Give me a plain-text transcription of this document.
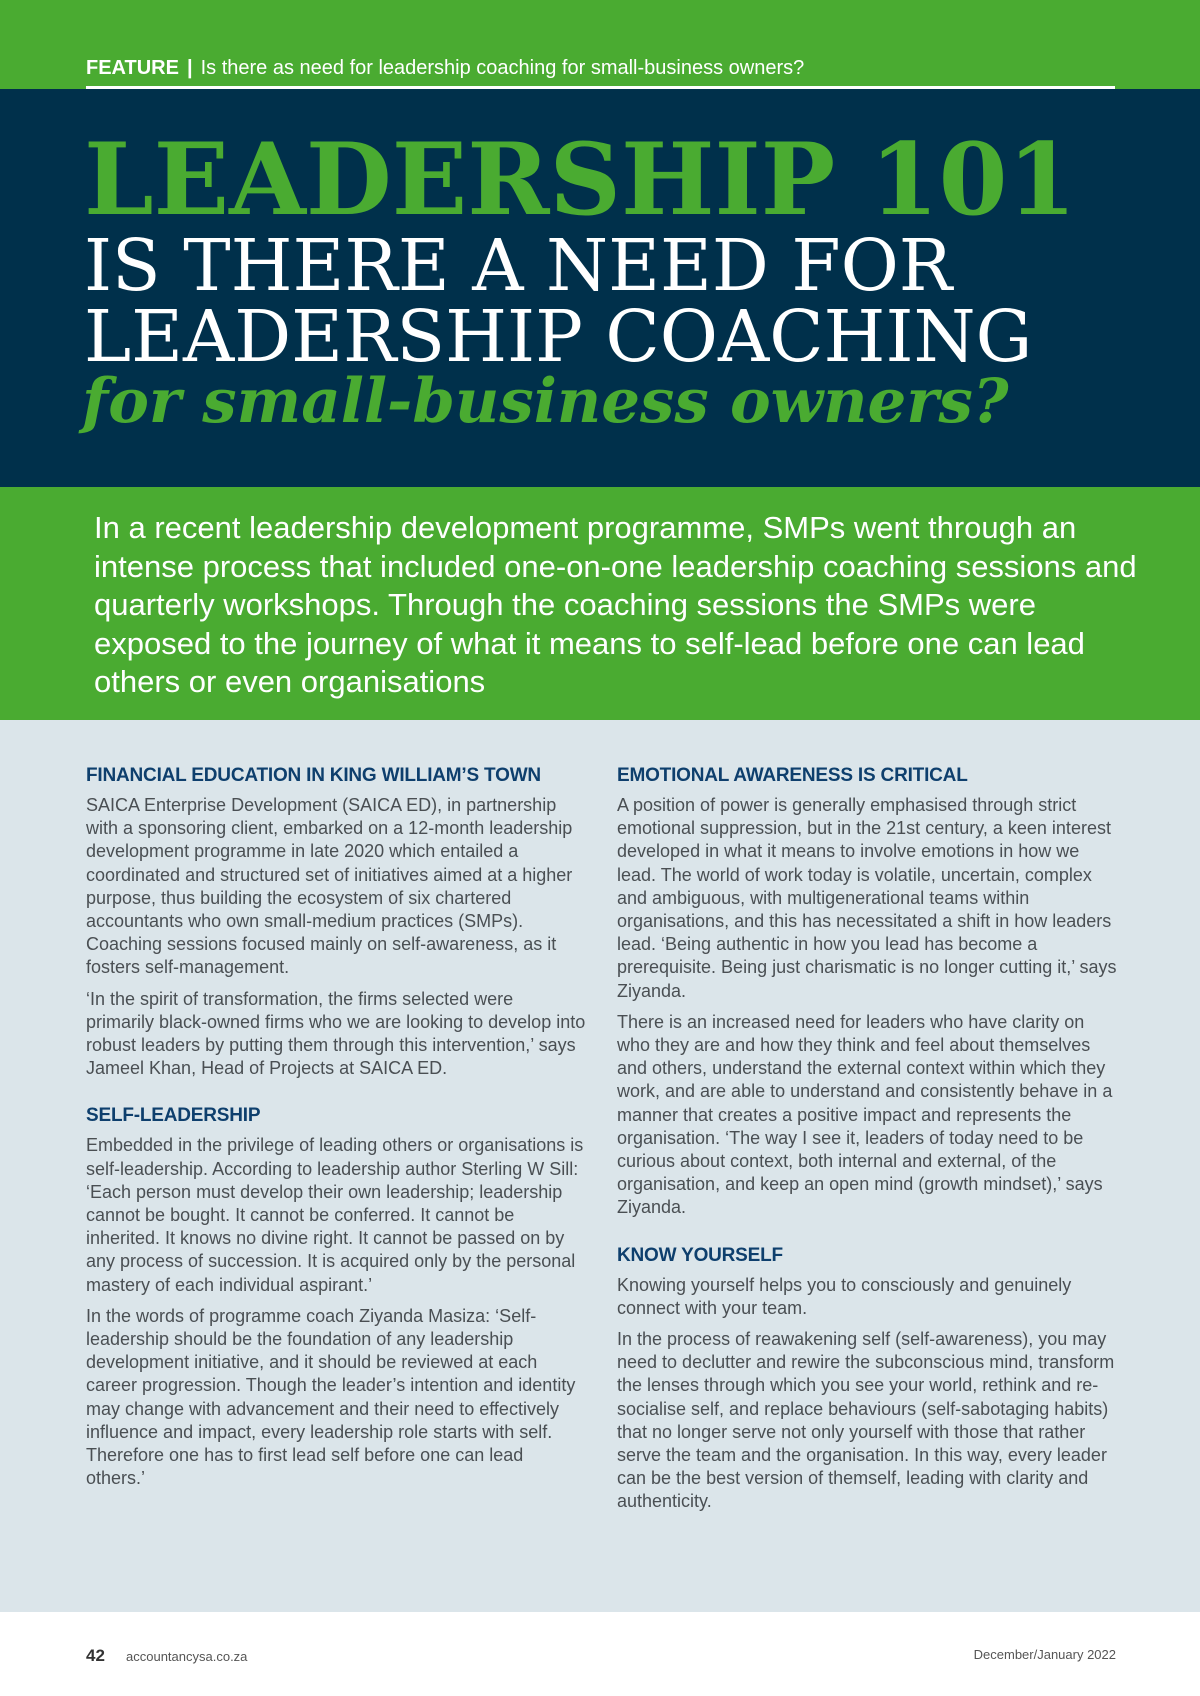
FEATURE | Is there as need for leadership coaching for small-business owners?
LEADERSHIP 101
IS THERE A NEED FOR
LEADERSHIP COACHING
for small-business owners?

In a recent leadership development programme, SMPs went through an intense process that included one-on-one leadership coaching sessions and quarterly workshops. Through the coaching sessions the SMPs were exposed to the journey of what it means to self-lead before one can lead others or even organisations

FINANCIAL EDUCATION IN KING WILLIAM’S TOWN

SAICA Enterprise Development (SAICA ED), in partnership with a sponsoring client, embarked on a 12-month leadership development programme in late 2020 which entailed a coordinated and structured set of initiatives aimed at a higher purpose, thus building the ecosystem of six chartered accountants who own small-medium practices (SMPs). Coaching sessions focused mainly on self-awareness, as it fosters self-management.

‘In the spirit of transformation, the firms selected were primarily black-owned firms who we are looking to develop into robust leaders by putting them through this intervention,’ says Jameel Khan, Head of Projects at SAICA ED.

SELF-LEADERSHIP

Embedded in the privilege of leading others or organisations is self-leadership. According to leadership author Sterling W Sill: ‘Each person must develop their own leadership; leadership cannot be bought. It cannot be conferred. It cannot be inherited. It knows no divine right. It cannot be passed on by any process of succession. It is acquired only by the personal mastery of each individual aspirant.’

In the words of programme coach Ziyanda Masiza: ‘Self-leadership should be the foundation of any leadership development initiative, and it should be reviewed at each career progression. Though the leader’s intention and identity may change with advancement and their need to effectively influence and impact, every leadership role starts with self. Therefore one has to first lead self before one can lead others.’

EMOTIONAL AWARENESS IS CRITICAL

A position of power is generally emphasised through strict emotional suppression, but in the 21st century, a keen interest developed in what it means to involve emotions in how we lead. The world of work today is volatile, uncertain, complex and ambiguous, with multigenerational teams within organisations, and this has necessitated a shift in how leaders lead. ‘Being authentic in how you lead has become a prerequisite. Being just charismatic is no longer cutting it,’ says Ziyanda.

There is an increased need for leaders who have clarity on who they are and how they think and feel about themselves and others, understand the external context within which they work, and are able to understand and consistently behave in a manner that creates a positive impact and represents the organisation. ‘The way I see it, leaders of today need to be curious about context, both internal and external, of the organisation, and keep an open mind (growth mindset),’ says Ziyanda.

KNOW YOURSELF

Knowing yourself helps you to consciously and genuinely connect with your team.

In the process of reawakening self (self-awareness), you may need to declutter and rewire the subconscious mind, transform the lenses through which you see your world, rethink and re-socialise self, and replace behaviours (self-sabotaging habits) that no longer serve not only yourself with those that rather serve the team and the organisation. In this way, every leader can be the best version of themself, leading with clarity and authenticity.

42 accountancysa.co.za	December/January 2022
